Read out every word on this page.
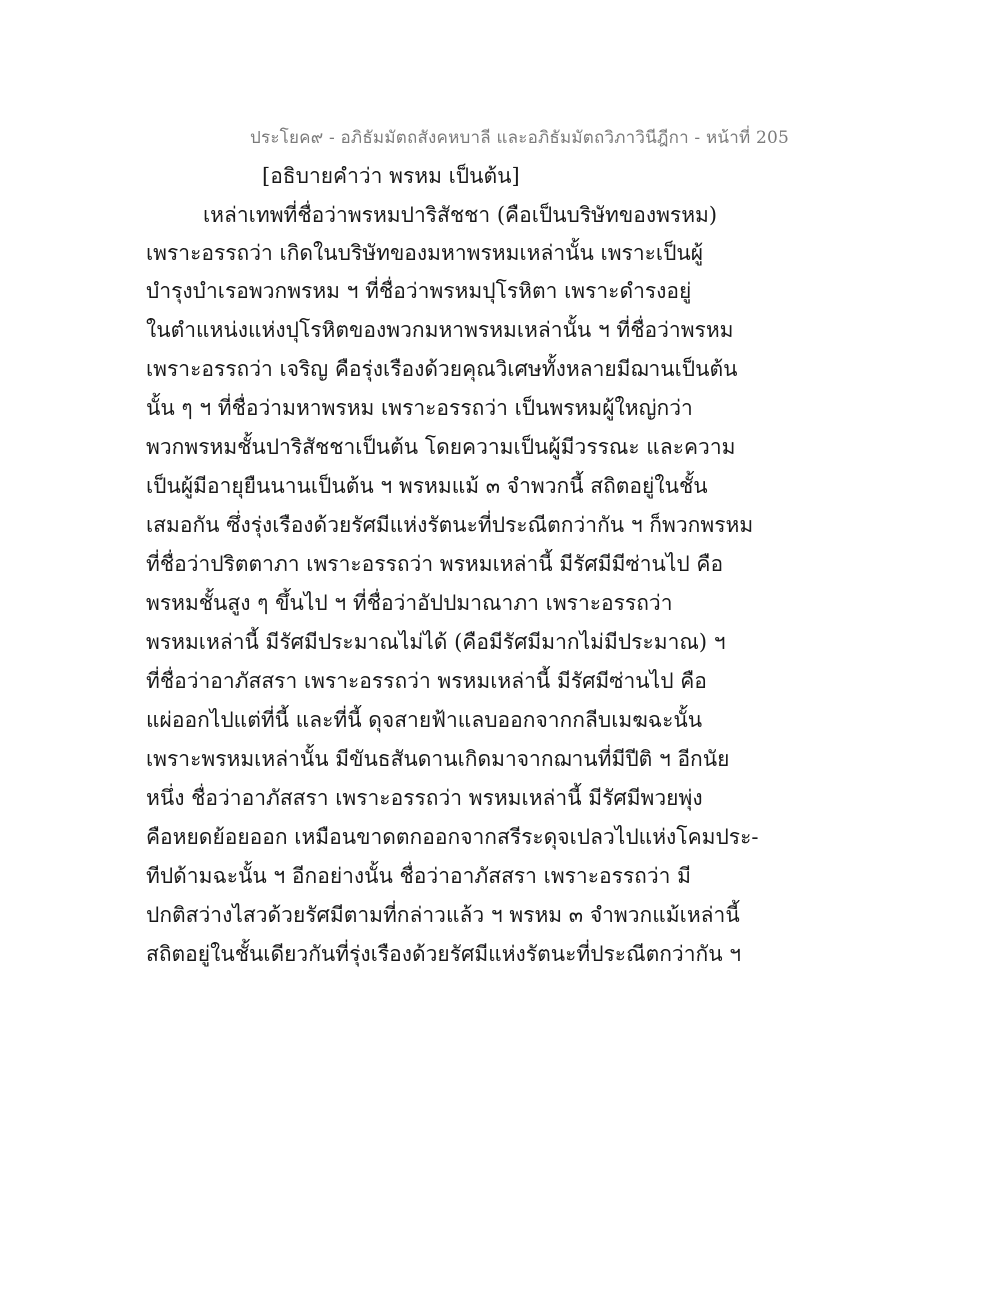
ประโยค๙ - อภิธัมมัตถสังคหบาลี และอภิธัมมัตถวิภาวินีฎีกา - หน้าที่ 205
[อธิบายคำว่า พรหม เป็นต้น]
เหล่าเทพที่ชื่อว่าพรหมปาริสัชชา (คือเป็นบริษัทของพรหม)
เพราะอรรถว่า เกิดในบริษัทของมหาพรหมเหล่านั้น เพราะเป็นผู้
บำรุงบำเรอพวกพรหม ฯ ที่ชื่อว่าพรหมปุโรหิตา เพราะดำรงอยู่
ในตำแหน่งแห่งปุโรหิตของพวกมหาพรหมเหล่านั้น ฯ ที่ชื่อว่าพรหม
เพราะอรรถว่า เจริญ คือรุ่งเรืองด้วยคุณวิเศษทั้งหลายมีฌานเป็นต้น
นั้น ๆ ฯ ที่ชื่อว่ามหาพรหม เพราะอรรถว่า เป็นพรหมผู้ใหญ่กว่า
พวกพรหมชั้นปาริสัชชาเป็นต้น โดยความเป็นผู้มีวรรณะ และความ
เป็นผู้มีอายุยืนนานเป็นต้น ฯ พรหมแม้ ๓ จำพวกนี้ สถิตอยู่ในชั้น
เสมอกัน ซึ่งรุ่งเรืองด้วยรัศมีแห่งรัตนะที่ประณีตกว่ากัน ฯ ก็พวกพรหม
ที่ชื่อว่าปริตตาภา เพราะอรรถว่า พรหมเหล่านี้ มีรัศมีมีซ่านไป คือ
พรหมชั้นสูง ๆ ขึ้นไป ฯ ที่ชื่อว่าอัปปมาณาภา เพราะอรรถว่า
พรหมเหล่านี้ มีรัศมีประมาณไม่ได้ (คือมีรัศมีมากไม่มีประมาณ) ฯ
ที่ชื่อว่าอาภัสสรา เพราะอรรถว่า พรหมเหล่านี้ มีรัศมีซ่านไป คือ
แผ่ออกไปแต่ที่นี้ และที่นี้ ดุจสายฟ้าแลบออกจากกลีบเมฆฉะนั้น
เพราะพรหมเหล่านั้น มีขันธสันดานเกิดมาจากฌานที่มีปีติ ฯ อีกนัย
หนึ่ง ชื่อว่าอาภัสสรา เพราะอรรถว่า พรหมเหล่านี้ มีรัศมีพวยพุ่ง
คือหยดย้อยออก เหมือนขาดตกออกจากสรีระดุจเปลวไปแห่งโคมประ-
ทีปด้ามฉะนั้น ฯ อีกอย่างนั้น ชื่อว่าอาภัสสรา เพราะอรรถว่า มี
ปกติสว่างไสวด้วยรัศมีตามที่กล่าวแล้ว ฯ พรหม ๓ จำพวกแม้เหล่านี้
สถิตอยู่ในชั้นเดียวกันที่รุ่งเรืองด้วยรัศมีแห่งรัตนะที่ประณีตกว่ากัน ฯ
